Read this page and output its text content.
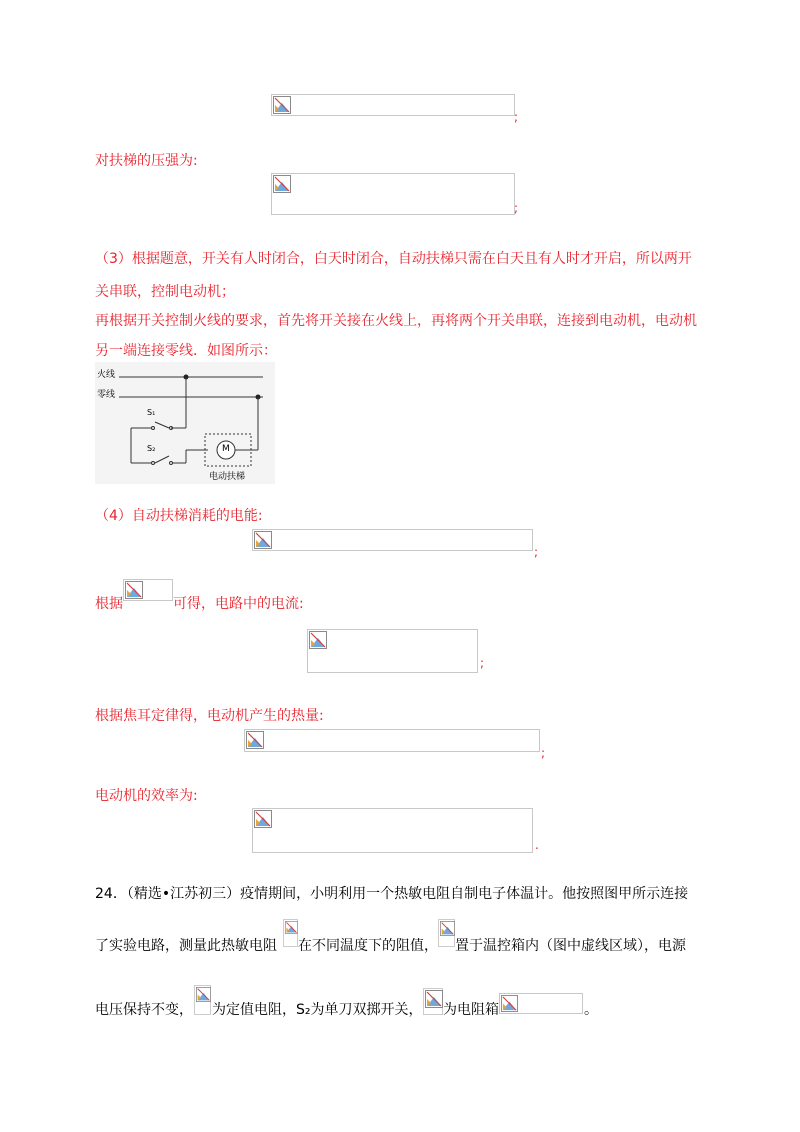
;
对扶梯的压强为:
;
（3）根据题意，开关有人时闭合，白天时闭合，自动扶梯只需在白天且有人时才开启，所以两开
关串联，控制电动机；
再根据开关控制火线的要求，首先将开关接在火线上，再将两个开关串联，连接到电动机，电动机
另一端连接零线．如图所示：
火线
零线
S₁
S₂	M
电动扶梯
（4）自动扶梯消耗的电能:
;
根据	可得，电路中的电流:
;
根据焦耳定律得，电动机产生的热量:
;
电动机的效率为:
.
24．（精选•江苏初三）疫情期间，小明利用一个热敏电阻自制电子体温计。他按照图甲所示连接
了实验电路，测量此热敏电阻 在不同温度下的阻值， 置于温控箱内（图中虚线区域），电源
电压保持不变， 为定值电阻，S₂为单刀双掷开关， 为电阻箱	。
